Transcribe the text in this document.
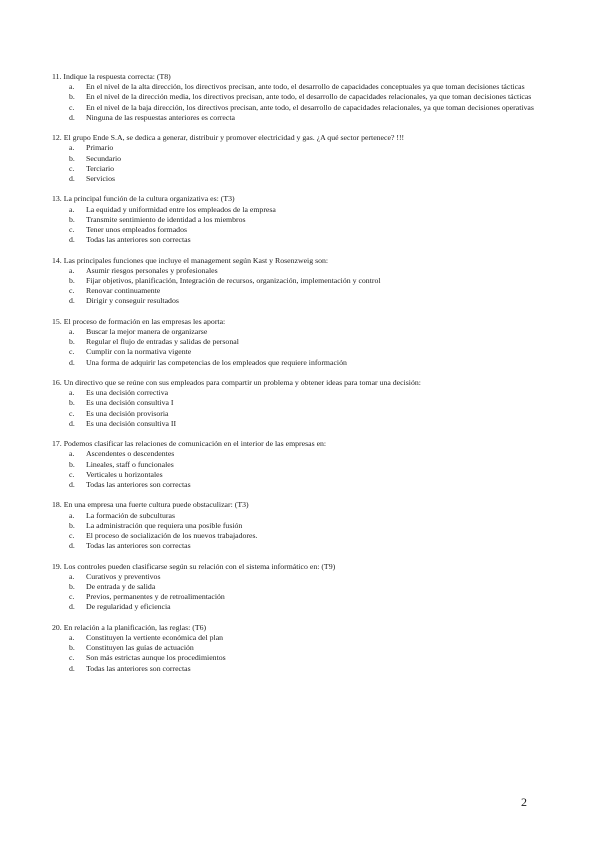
11. Indique la respuesta correcta: (T8)
a. En el nivel de la alta dirección, los directivos precisan, ante todo, el desarrollo de capacidades conceptuales ya que toman decisiones tácticas
b. En el nivel de la dirección media, los directivos precisan, ante todo, el desarrollo de capacidades relacionales, ya que toman decisiones tácticas
c. En el nivel de la baja dirección, los directivos precisan, ante todo, el desarrollo de capacidades relacionales, ya que toman decisiones operativas
d. Ninguna de las respuestas anteriores es correcta
12. El grupo Ende S.A, se dedica a generar, distribuir y promover electricidad y gas. ¿A qué sector pertenece? !!!
a. Primario
b. Secundario
c. Terciario
d. Servicios
13. La principal función de la cultura organizativa es: (T3)
a. La equidad y uniformidad entre los empleados de la empresa
b. Transmite sentimiento de identidad a los miembros
c. Tener unos empleados formados
d. Todas las anteriores son correctas
14. Las principales funciones que incluye el management según Kast y Rosenzweig son:
a. Asumir riesgos personales y profesionales
b. Fijar objetivos, planificación, Integración de recursos, organización, implementación y control
c. Renovar continuamente
d. Dirigir y conseguir resultados
15. El proceso de formación en las empresas les aporta:
a. Buscar la mejor manera de organizarse
b. Regular el flujo de entradas y salidas de personal
c. Cumplir con la normativa vigente
d. Una forma de adquirir las competencias de los empleados que requiere información
16. Un directivo que se reúne con sus empleados para compartir un problema y obtener ideas para tomar una decisión:
a. Es una decisión correctiva
b. Es una decisión consultiva I
c. Es una decisión provisoria
d. Es una decisión consultiva II
17. Podemos clasificar las relaciones de comunicación en el interior de las empresas en:
a. Ascendentes o descendentes
b. Lineales, staff o funcionales
c. Verticales u horizontales
d. Todas las anteriores son correctas
18. En una empresa una fuerte cultura puede obstaculizar: (T3)
a. La formación de subculturas
b. La administración que requiera una posible fusión
c. El proceso de socialización de los nuevos trabajadores.
d. Todas las anteriores son correctas
19. Los controles pueden clasificarse según su relación con el sistema informático en: (T9)
a. Curativos y preventivos
b. De entrada y de salida
c. Previos, permanentes y de retroalimentación
d. De regularidad y eficiencia
20. En relación a la planificación, las reglas: (T6)
a. Constituyen la vertiente económica del plan
b. Constituyen las guías de actuación
c. Son más estrictas aunque los procedimientos
d. Todas las anteriores son correctas
2
